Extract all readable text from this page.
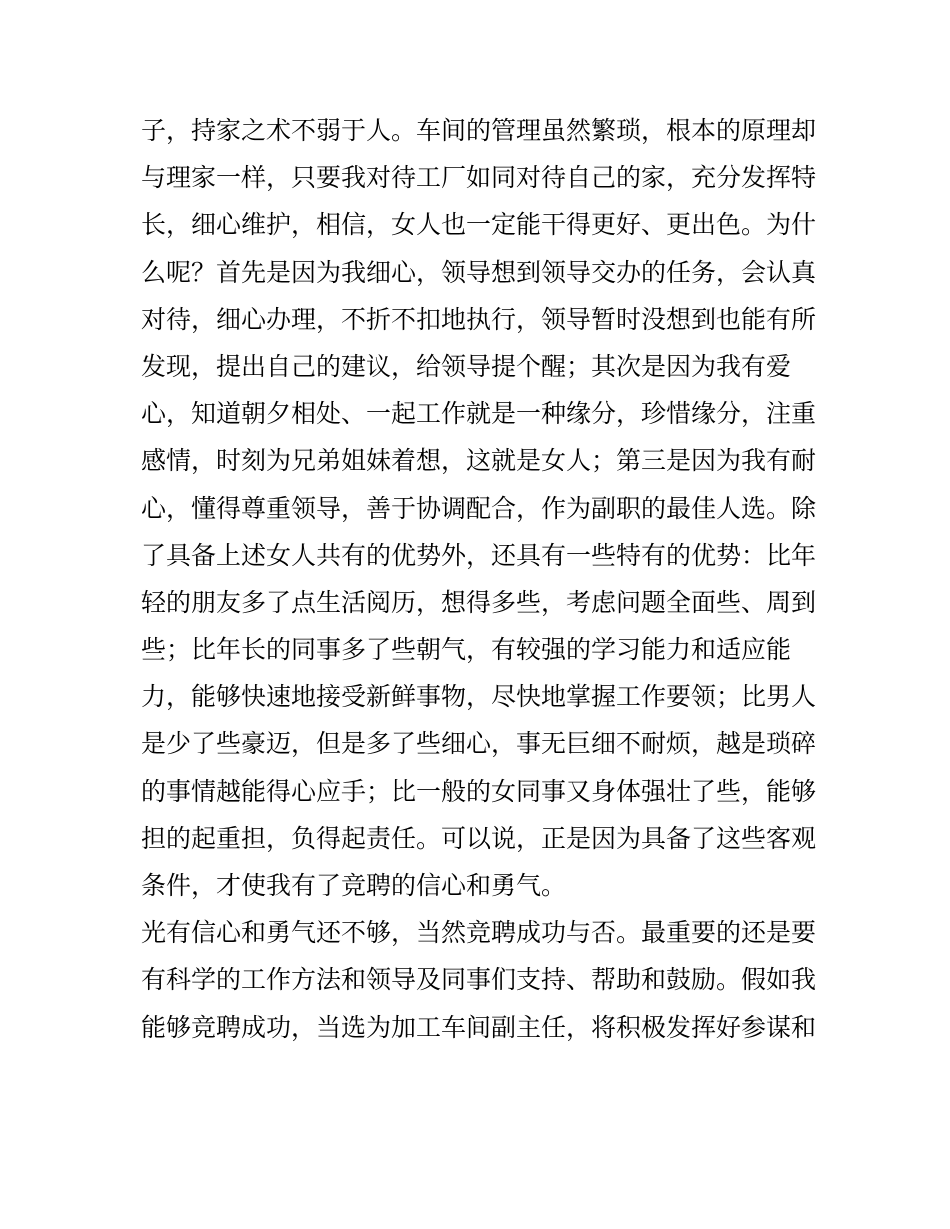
子，持家之术不弱于人。车间的管理虽然繁琐，根本的原理却
与理家一样，只要我对待工厂如同对待自己的家，充分发挥特
长，细心维护，相信，女人也一定能干得更好、更出色。为什
么呢？首先是因为我细心，领导想到领导交办的任务，会认真
对待，细心办理，不折不扣地执行，领导暂时没想到也能有所
发现，提出自己的建议，给领导提个醒；其次是因为我有爱
心，知道朝夕相处、一起工作就是一种缘分，珍惜缘分，注重
感情，时刻为兄弟姐妹着想，这就是女人；第三是因为我有耐
心，懂得尊重领导，善于协调配合，作为副职的最佳人选。除
了具备上述女人共有的优势外，还具有一些特有的优势：比年
轻的朋友多了点生活阅历，想得多些，考虑问题全面些、周到
些；比年长的同事多了些朝气，有较强的学习能力和适应能
力，能够快速地接受新鲜事物，尽快地掌握工作要领；比男人
是少了些豪迈，但是多了些细心，事无巨细不耐烦，越是琐碎
的事情越能得心应手；比一般的女同事又身体强壮了些，能够
担的起重担，负得起责任。可以说，正是因为具备了这些客观
条件，才使我有了竞聘的信心和勇气。
光有信心和勇气还不够，当然竞聘成功与否。最重要的还是要
有科学的工作方法和领导及同事们支持、帮助和鼓励。假如我
能够竞聘成功，当选为加工车间副主任，将积极发挥好参谋和
